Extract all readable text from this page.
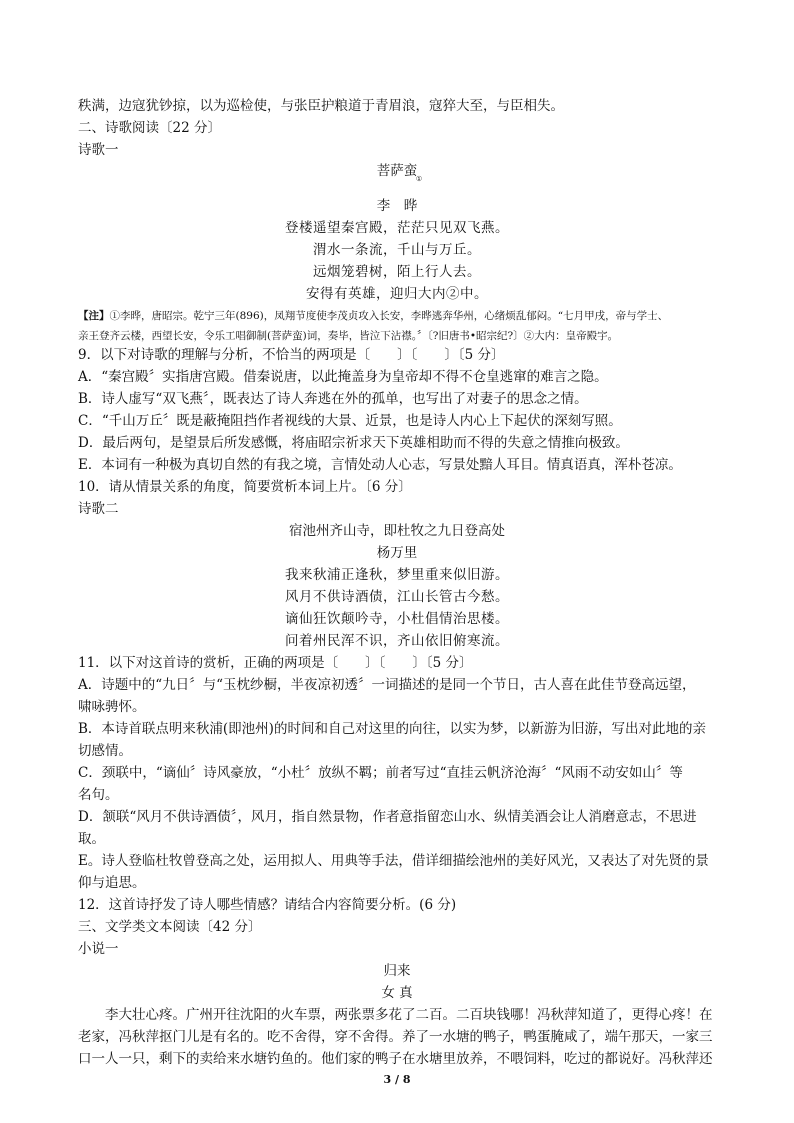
秩满，边寇犹钞掠，以为巡检使，与张臣护粮道于青眉浪，寇猝大至，与臣相失。
二、诗歌阅读〔22 分〕
诗歌一
菩萨蛮
①
李　晔
登楼遥望秦宫殿，茫茫只见双飞燕。
渭水一条流，千山与万丘。
远烟笼碧树，陌上行人去。
安得有英雄，迎归大内②中。
【注】①李晔，唐昭宗。乾宁三年(896)，凤翔节度使李茂贞攻入长安，李晔逃奔华州，心绪烦乱郁闷。“七月甲戌，帝与学士、
亲王登齐云楼，西望长安，令乐工唱御制(菩萨蛮)词，奏毕，皆泣下沾襟。〞〔?旧唐书•昭宗纪?〕②大内：皇帝殿宇。
9．以下对诗歌的理解与分析，不恰当的两项是〔　　〕〔　　〕〔5 分〕
A．“秦宫殿〞实指唐宫殿。借秦说唐，以此掩盖身为皇帝却不得不仓皇逃窜的难言之隐。
B．诗人虚写“双飞燕〞，既表达了诗人奔逃在外的孤单，也写出了对妻子的思念之情。
C．“千山万丘〞既是蔽掩阻挡作者视线的大景、近景，也是诗人内心上下起伏的深刻写照。
D．最后两句，是望景后所发感慨，将庙昭宗祈求天下英雄相助而不得的失意之情推向极致。
E．本词有一种极为真切自然的有我之境，言情处动人心志，写景处黯人耳目。情真语真，浑朴苍凉。
10．请从情景关系的角度，简要赏析本词上片。〔6 分〕
诗歌二
宿池州齐山寺，即杜牧之九日登高处
杨万里
我来秋浦正逢秋，梦里重来似旧游。
风月不供诗酒债，江山长管古今愁。
谪仙狂饮颠吟寺，小杜倡情治思楼。
问着州民浑不识，齐山依旧俯寒流。
11．以下对这首诗的赏析，正确的两项是〔　　〕〔　　〕〔5 分〕
A．诗题中的“九日〞与“玉枕纱橱，半夜凉初透〞一词描述的是同一个节日，古人喜在此佳节登高远望，
啸咏骋怀。
B．本诗首联点明来秋浦(即池州)的时间和自己对这里的向往，以实为梦，以新游为旧游，写出对此地的亲
切感情。
C．颈联中，“谪仙〞诗风豪放，“小杜〞放纵不羁；前者写过“直挂云帆济沧海〞“风雨不动安如山〞等
名句。
D．颔联“风月不供诗酒债〞，风月，指自然景物，作者意指留恋山水、纵情美酒会让人消磨意志，不思进
取。
E。诗人登临杜牧曾登高之处，运用拟人、用典等手法，借详细描绘池州的美好风光，又表达了对先贤的景
仰与追思。
12．这首诗抒发了诗人哪些情感？请结合内容简要分析。(6 分)
三、文学类文本阅读〔42 分〕
小说一
归来
女 真
李大壮心疼。广州开往沈阳的火车票，两张票多花了二百。二百块钱哪！冯秋萍知道了，更得心疼！在
老家，冯秋萍抠门儿是有名的。吃不舍得，穿不舍得。养了一水塘的鸭子，鸭蛋腌咸了，端午那天，一家三
口一人一只，剩下的卖给来水塘钓鱼的。他们家的鸭子在水塘里放养，不喂饲料，吃过的都说好。冯秋萍还
3 / 8
